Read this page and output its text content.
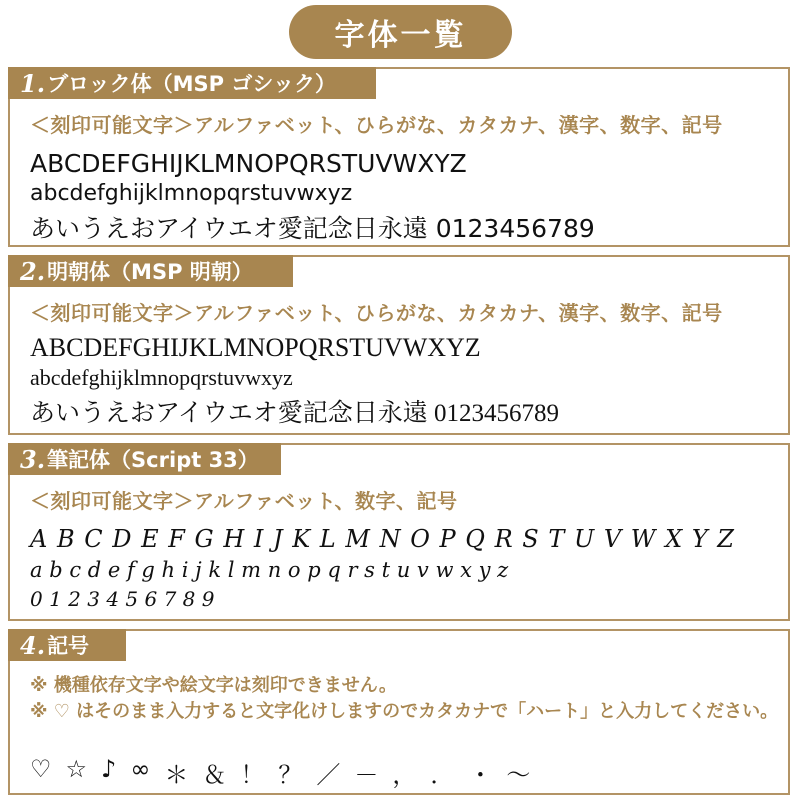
字体一覧
1. ブロック体（MSP ゴシック）
＜刻印可能文字＞アルファベット、ひらがな、カタカナ、漢字、数字、記号
ABCDEFGHIJKLMNOPQRSTUVWXYZ
abcdefghijklmnopqrstuvwxyz
あいうえおアイウエオ愛記念日永遠 0123456789
2. 明朝体（MSP 明朝）
＜刻印可能文字＞アルファベット、ひらがな、カタカナ、漢字、数字、記号
ABCDEFGHIJKLMNOPQRSTUVWXYZ
abcdefghijklmnopqrstuvwxyz
あいうえおアイウエオ愛記念日永遠 0123456789
3. 筆記体（Script 33）
＜刻印可能文字＞アルファベット、数字、記号
A B C D E F G H I J K L M N O P Q R S T U V W X Y Z
a b c d e f g h i j k l m n o p q r s t u v w x y z
0 1 2 3 4 5 6 7 8 9
4. 記号
※ 機種依存文字や絵文字は刻印できません。
※ ♡ はそのまま入力すると文字化けしますのでカタカナで「ハート」と入力してください。
♡ ☆ ♪ ∞ ＊ ＆ ！ ？ ／ － ， ． ・ ～
